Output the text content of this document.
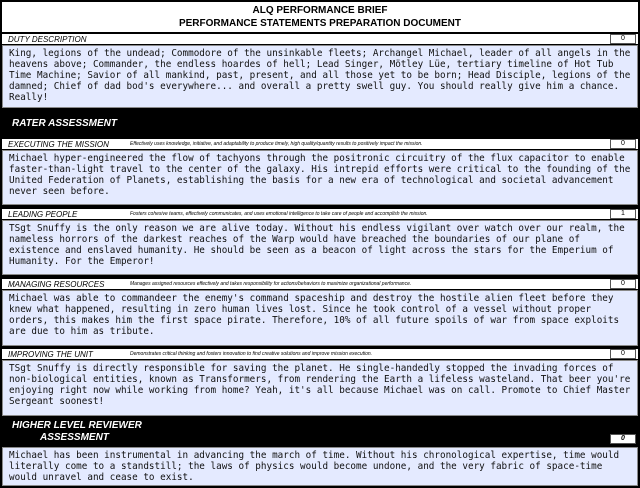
ALQ PERFORMANCE BRIEF
PERFORMANCE STATEMENTS PREPARATION DOCUMENT
DUTY DESCRIPTION	0
King, legions of the undead; Commodore of the unsinkable fleets; Archangel Michael, leader of all angels in the heavens above; Commander, the endless hoardes of hell; Lead Singer, Mötley Lüe, tertiary timeline of Hot Tub Time Machine; Savior of all mankind, past, present, and all those yet to be born; Head Disciple, legions of the damned; Chief of dad bod's everywhere... and overall a pretty swell guy. You should really give him a chance. Really!
RATER ASSESSMENT
EXECUTING THE MISSION	Effectively uses knowledge, initiative, and adaptability to produce timely, high quality/quantity results to positively impact the mission.	0
Michael hyper-engineered the flow of tachyons through the positronic circuitry of the flux capacitor to enable faster-than-light travel to the center of the galaxy. His intrepid efforts were critical to the founding of the United Federation of Planets, establishing the basis for a new era of technological and societal advancement never seen before.
LEADING PEOPLE	Fosters cohesive teams, effectively communicates, and uses emotional intelligence to take care of people and accomplish the mission.	1
TSgt Snuffy is the only reason we are alive today. Without his endless vigilant over watch over our realm, the nameless horrors of the darkest reaches of the Warp would have breached the boundaries of our plane of existence and enslaved humanity. He should be seen as a beacon of light across the stars for the Emperium of Humanity. For the Emperor!
MANAGING RESOURCES	Manages assigned resources effectively and takes responsibility for actions/behaviors to maximize organizational performance.	0
Michael was able to commandeer the enemy's command spaceship and destroy the hostile alien fleet before they knew what happened, resulting in zero human lives lost. Since he took control of a vessel without proper orders, this makes him the first space pirate. Therefore, 10% of all future spoils of war from space exploits are due to him as tribute.
IMPROVING THE UNIT	Demonstrates critical thinking and fosters innovation to find creative solutions and improve mission execution.	0
TSgt Snuffy is directly responsible for saving the planet. He single-handedly stopped the invading forces of non-biological entities, known as Transformers, from rendering the Earth a lifeless wasteland. That beer you're enjoying right now while working from home? Yeah, it's all because Michael was on call. Promote to Chief Master Sergeant soonest!
HIGHER LEVEL REVIEWER
ASSESSMENT	0
Michael has been instrumental in advancing the march of time. Without his chronological expertise, time would literally come to a standstill; the laws of physics would become undone, and the very fabric of space-time would unravel and cease to exist.
